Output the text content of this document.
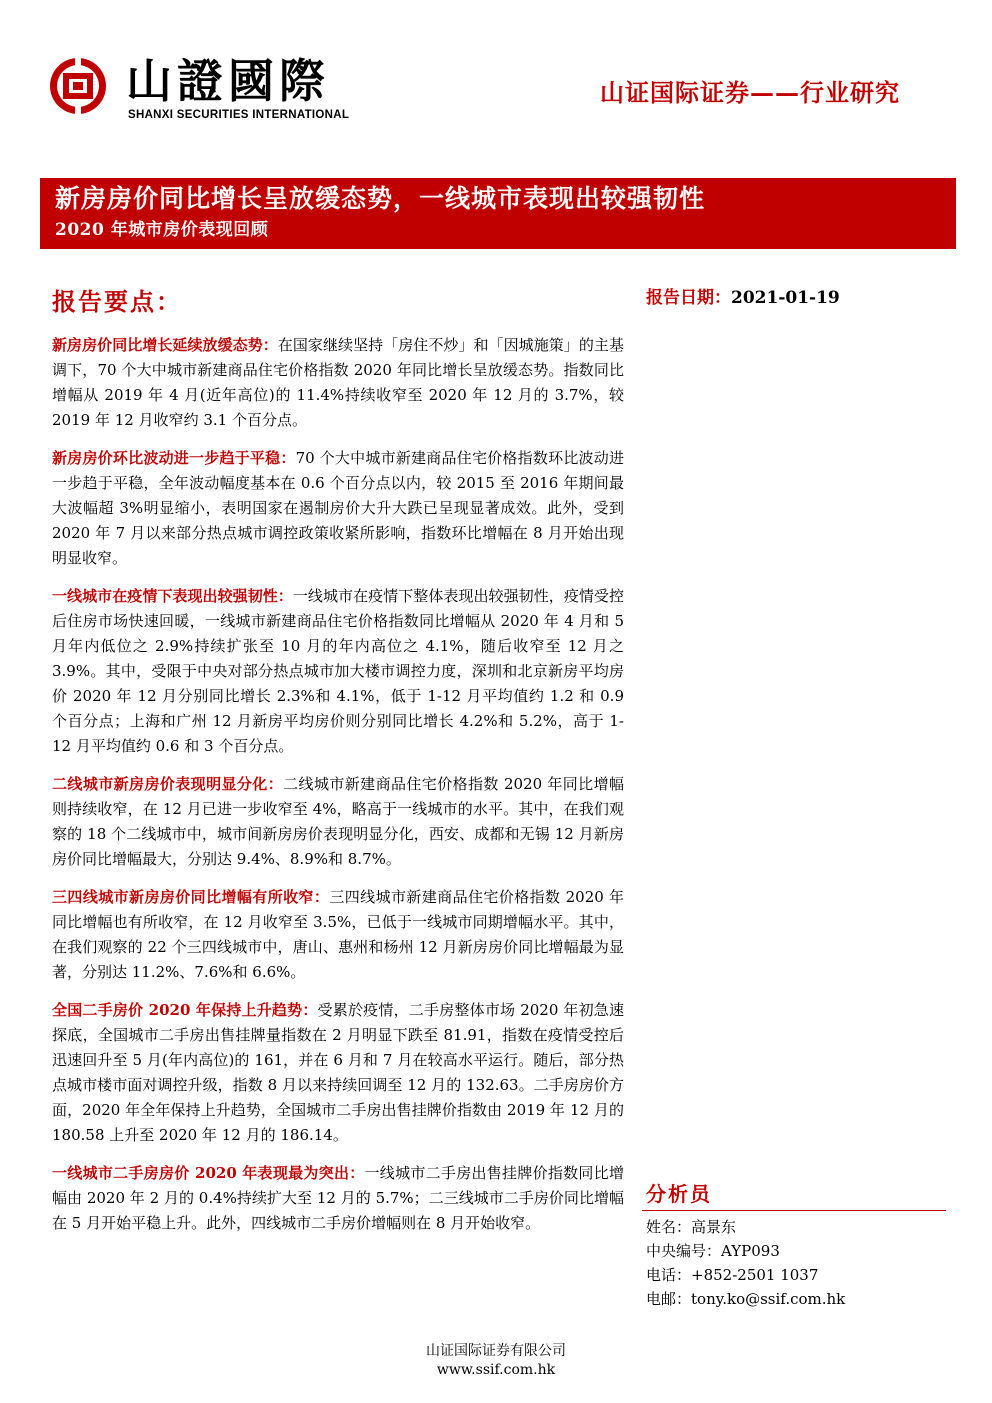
山證國際
SHANXI SECURITIES INTERNATIONAL
山证国际证券——行业研究
新房房价同比增长呈放缓态势，一线城市表现出较强韧性
2020 年城市房价表现回顾
报告要点：	报告日期：2021-01-19

新房房价同比增长延续放缓态势：在国家继续坚持「房住不炒」和「因城施策」的主基调下，70 个大中城市新建商品住宅价格指数 2020 年同比增长呈放缓态势。指数同比增幅从 2019 年 4 月(近年高位)的 11.4%持续收窄至 2020 年 12 月的 3.7%，较 2019 年 12 月收窄约 3.1 个百分点。

新房房价环比波动进一步趋于平稳：70 个大中城市新建商品住宅价格指数环比波动进一步趋于平稳，全年波动幅度基本在 0.6 个百分点以内，较 2015 至 2016 年期间最大波幅超 3%明显缩小，表明国家在遏制房价大升大跌已呈现显著成效。此外，受到 2020 年 7 月以来部分热点城市调控政策收紧所影响，指数环比增幅在 8 月开始出现明显收窄。

一线城市在疫情下表现出较强韧性：一线城市在疫情下整体表现出较强韧性，疫情受控后住房市场快速回暖，一线城市新建商品住宅价格指数同比增幅从 2020 年 4 月和 5 月年内低位之 2.9%持续扩张至 10 月的年内高位之 4.1%，随后收窄至 12 月之 3.9%。其中，受限于中央对部分热点城市加大楼市调控力度，深圳和北京新房平均房价 2020 年 12 月分别同比增长 2.3%和 4.1%，低于 1-12 月平均值约 1.2 和 0.9 个百分点；上海和广州 12 月新房平均房价则分别同比增长 4.2%和 5.2%，高于 1-12 月平均值约 0.6 和 3 个百分点。

二线城市新房房价表现明显分化：二线城市新建商品住宅价格指数 2020 年同比增幅则持续收窄，在 12 月已进一步收窄至 4%，略高于一线城市的水平。其中，在我们观察的 18 个二线城市中，城市间新房房价表现明显分化，西安、成都和无锡 12 月新房房价同比增幅最大，分别达 9.4%、8.9%和 8.7%。

三四线城市新房房价同比增幅有所收窄：三四线城市新建商品住宅价格指数 2020 年同比增幅也有所收窄，在 12 月收窄至 3.5%，已低于一线城市同期增幅水平。其中，在我们观察的 22 个三四线城市中，唐山、惠州和杨州 12 月新房房价同比增幅最为显著，分别达 11.2%、7.6%和 6.6%。

全国二手房价 2020 年保持上升趋势：受累於疫情，二手房整体市场 2020 年初急速探底，全国城市二手房出售挂牌量指数在 2 月明显下跌至 81.91，指数在疫情受控后迅速回升至 5 月(年内高位)的 161，并在 6 月和 7 月在较高水平运行。随后，部分热点城市楼市面对调控升级，指数 8 月以来持续回调至 12 月的 132.63。二手房房价方面，2020 年全年保持上升趋势，全国城市二手房出售挂牌价指数由 2019 年 12 月的 180.58 上升至 2020 年 12 月的 186.14。

一线城市二手房房价 2020 年表现最为突出：一线城市二手房出售挂牌价指数同比增幅由 2020 年 2 月的 0.4%持续扩大至 12 月的 5.7%；二三线城市二手房价同比增幅在 5 月开始平稳上升。此外，四线城市二手房价增幅则在 8 月开始收窄。

分析员
姓名：高景东
中央编号：AYP093
电话：+852-2501 1037
电邮：tony.ko@ssif.com.hk
山证国际证券有限公司
www.ssif.com.hk
